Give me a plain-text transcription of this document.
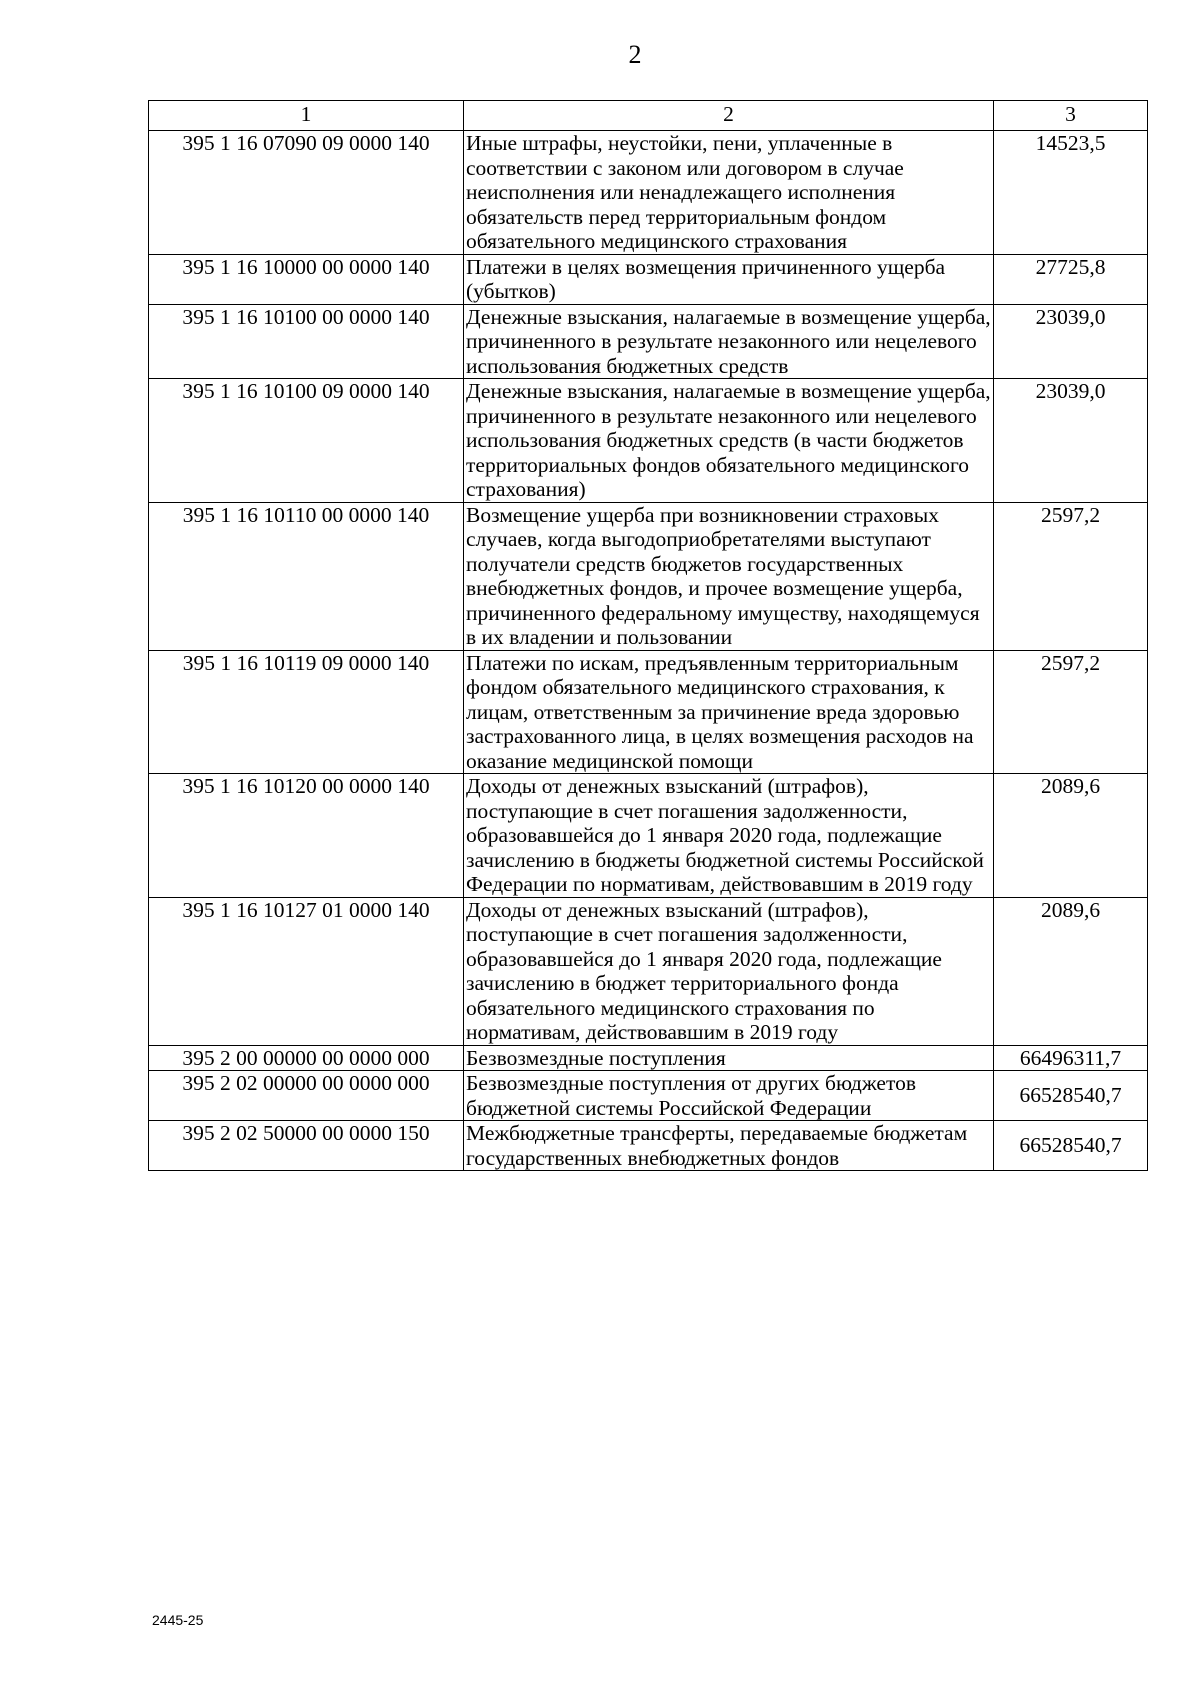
2
1	2	3
395 1 16 07090 09 0000 140	Иные штрафы, неустойки, пени, уплаченные в соответствии с законом или договором в случае неисполнения или ненадлежащего исполнения обязательств перед территориальным фондом обязательного медицинского страхования	14523,5
395 1 16 10000 00 0000 140	Платежи в целях возмещения причиненного ущерба (убытков)	27725,8
395 1 16 10100 00 0000 140	Денежные взыскания, налагаемые в возмещение ущерба, причиненного в результате незаконного или нецелевого использования бюджетных средств	23039,0
395 1 16 10100 09 0000 140	Денежные взыскания, налагаемые в возмещение ущерба, причиненного в результате незаконного или нецелевого использования бюджетных средств (в части бюджетов территориальных фондов обязательного медицинского страхования)	23039,0
395 1 16 10110 00 0000 140	Возмещение ущерба при возникновении страховых случаев, когда выгодоприобретателями выступают получатели средств бюджетов государственных внебюджетных фондов, и прочее возмещение ущерба, причиненного федеральному имуществу, находящемуся в их владении и пользовании	2597,2
395 1 16 10119 09 0000 140	Платежи по искам, предъявленным территориальным фондом обязательного медицинского страхования, к лицам, ответственным за причинение вреда здоровью застрахованного лица, в целях возмещения расходов на оказание медицинской помощи	2597,2
395 1 16 10120 00 0000 140	Доходы от денежных взысканий (штрафов), поступающие в счет погашения задолженности, образовавшейся до 1 января 2020 года, подлежащие зачислению в бюджеты бюджетной системы Российской Федерации по нормативам, действовавшим в 2019 году	2089,6
395 1 16 10127 01 0000 140	Доходы от денежных взысканий (штрафов), поступающие в счет погашения задолженности, образовавшейся до 1 января 2020 года, подлежащие зачислению в бюджет территориального фонда обязательного медицинского страхования по нормативам, действовавшим в 2019 году	2089,6
395 2 00 00000 00 0000 000	Безвозмездные поступления	66496311,7
395 2 02 00000 00 0000 000	Безвозмездные поступления от других бюджетов бюджетной системы Российской Федерации	66528540,7
395 2 02 50000 00 0000 150	Межбюджетные трансферты, передаваемые бюджетам государственных внебюджетных фондов	66528540,7
2445-25
